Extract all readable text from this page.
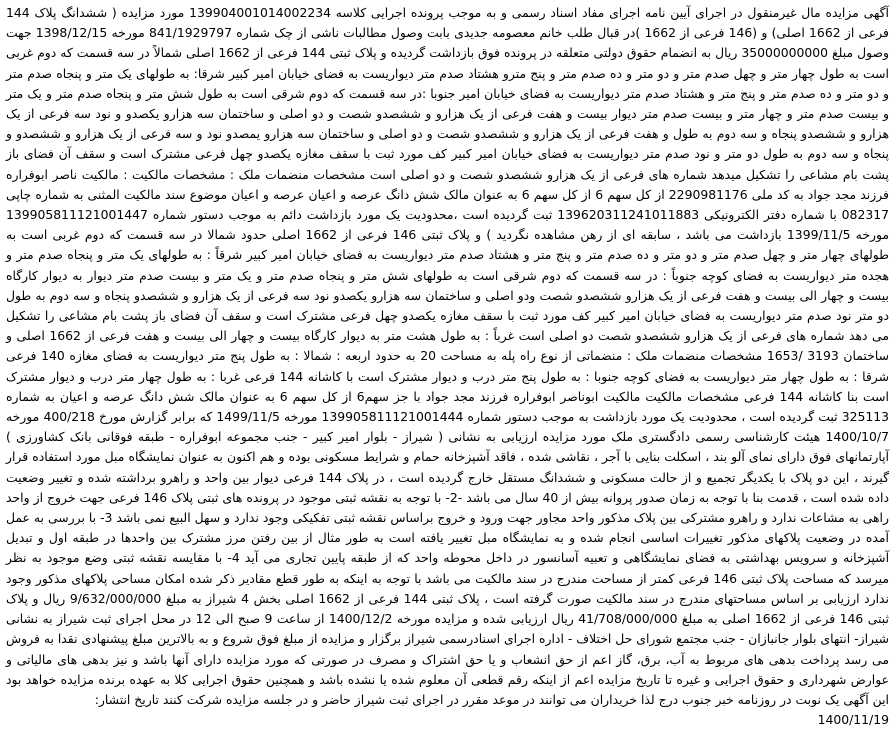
آگهی مزایده مال غیرمنقول در اجرای آیین نامه اجرای مفاد اسناد رسمی و به موجب پرونده اجرایی کلاسه 139904001014002234 مورد مزایده ( ششدانگ پلاک 144 فرعی از 1662 اصلی) و (146 فرعی از 1662 )در قبال طلب خانم معصومه جدیدی بابت وصول مطالبات ناشی از چک شماره 841/1929797 مورخه 1398/12/15 جهت وصول مبلغ 35000000000 ریال به انضمام حقوق دولتی متعلقه در پرونده فوق بازداشت گردیده و پلاک ثبتی 144 فرعی از 1662 اصلی شمالاً در سه قسمت که دوم غربی است به طول چهار متر و چهل صدم متر و دو متر و ده صدم متر و پنج مترو هشتاد صدم متر دیواریست به فضای خیابان امیر کبیر شرقا: به طولهای یک متر و پنجاه صدم متر و دو متر و ده صدم متر و پنج متر و هشتاد صدم متر دیواریست به فضای خیابان امیر جنوبا :در سه قسمت که دوم شرقی است به طول شش متر و پنجاه صدم متر و یک متر و بیست صدم متر و چهار متر و بیست صدم متر دیوار بیست و هفت فرعی از یک هزارو و ششصدو شصت و دو اصلی و ساختمان سه هزارو یکصدو و نود سه فرعی از یک هزارو و ششصدو پنجاه و سه دوم به طول و هفت فرعی از یک هزارو و ششصدو شصت و دو اصلی و ساختمان سه هزارو یمصدو نود و سه فرعی از یک هزارو و ششصدو و پنجاه و سه دوم به طول دو متر و نود صدم متر دیواریست به فضای خیابان امیر کبیر کف مورد ثبت با سقف مغازه یکصدو چهل فرعی مشترک است و سقف آن فضای باز پشت بام مشاعی را تشکیل میدهد شماره های فرعی از یک هزارو ششصدو شصت و دو اصلی است مشخصات منضمات ملک : مشخصات مالکیت : مالکیت ناصر ابوفراره فرزند مجد جواد به کد ملی 2290981176 از کل سهم 6 از کل سهم 6 به عنوان مالک شش دانگ عرصه و اعیان عرصه و اعیان موضوع سند مالکیت المثنی به شماره چاپی 082317 با شماره دفتر الکترونیکی 139620311241011883 ثبت گردیده است ،محدودیت یک مورد بازداشت دائم به موجب دستور شماره 139905811121001447 مورخه 1399/11/5 بازداشت می باشد ، سابقه ای از رهن مشاهده نگردید ) و پلاک ثبتی 146 فرعی از 1662 اصلی حدود شمالا در سه قسمت که دوم غربی است به طولهای چهار متر و چهل صدم متر و دو متر و ده صدم متر و پنج متر و هشتاد صدم متر دیواریست به فضای خیابان امیر کبیر شرقاً : به طولهای یک متر و پنجاه صدم متر و هجده متر دیواریست به فضای کوچه جنوباً : در سه قسمت که دوم شرقی است به طولهای شش متر و پنجاه صدم متر و یک متر و بیست صدم متر دیوار به دیوار کارگاه بیست و چهار الی بیست و هفت فرعی از یک هزارو ششصدو شصت ودو اصلی و ساختمان سه هزارو یکصدو نود سه فرعی از یک هزارو و ششصدو پنجاه و سه دوم به طول دو متر نود صدم متر دیواریست به فضای خیابان امیر کبیر کف مورد ثبت با سقف مغازه یکصدو چهل فرعی مشترک است و سقف آن فضای باز پشت بام مشاعی را تشکیل می دهد شماره های فرعی از یک هزارو ششصدو شصت دو اصلی است غرباً : به طول هشت متر به دیوار کارگاه بیست و چهار الی بیست و هفت فرعی از 1662 اصلی و ساختمان 3193 /1653 مشخصات منضمات ملک : منضماتی از نوع راه پله به مساحت 20 به حدود اربعه : شمالا : به طول پنج متر دیواریست به فضای مغازه 140 فرعی شرقا : به طول چهار متر دیواریست به فضای کوچه جنوبا : به طول پنج متر درب و دیوار مشترک است با کاشانه 144 فرعی غربا : به طول چهار متر درب و دیوار مشترک است بنا کاشانه 144 فرعی مشخصات مالکیت مالکیت ابوناصر ابوفراره فرزند مجد جواد با جز سهم6 از کل سهم 6 به عنوان مالک شش دانگ عرصه و اعیان به شماره 325113 ثبت گردیده است ، محدودیت یک مورد بازداشت به موجب دستور شماره 139905811121001444 مورخه 1499/11/5 که برابر گزارش مورخ 400/218 مورخه 1400/10/7 هیئت کارشناسی رسمی دادگستری ملک مورد مزایده ارزیابی به نشانی ( شیراز - بلوار امیر کبیر - جنب مجموعه ابوفراره - طبقه فوقانی بانک کشاورزی ) آپارتمانهای فوق دارای نمای آلو بند ، اسکلت بنایی با آجر ، نقاشی شده ، فاقد آشپزخانه حمام و شرایط مسکونی بوده و هم اکنون به عنوان نمایشگاه مبل مورد استفاده قرار گیرند ، این دو پلاک با یکدیگر تجمیع و از حالت مسکونی و ششدانگ مستقل خارج گردیده است ، در پلاک 144 فرعی دیوار بین واحد و راهرو برداشته شده و تغییر وضعیت داده شده است ، قدمت بنا با توجه به زمان صدور پروانه بیش از 40 سال می باشد -2- با توجه به نقشه ثبتی موجود در پرونده های ثبتی پلاک 146 فرعی جهت خروج از واحد راهی به مشاعات ندارد و راهرو مشترکی بین پلاک مذکور واحد مجاور جهت ورود و خروج براساس نقشه ثبتی تفکیکی وجود ندارد و سهل البیع نمی باشد 3- با بررسی به عمل آمده در وضعیت پلاکهای مذکور تغییرات اساسی انجام شده و به نمایشگاه مبل تغییر یافته است به طور مثال از بین رفتن مرز مشترک بین واحدها در طبقه اول و تبدیل آشپزخانه و سرویس بهداشتی به فضای نمایشگاهی و تعبیه آسانسور در داخل محوطه واحد که از طبقه پایین تجاری می آید 4- با مقایسه نقشه ثبتی وضع موجود به نظر میرسد که مساحت پلاک ثبتی 146 فرعی کمتر از مساحت مندرج در سند مالکیت می باشد با توجه به اینکه به طور قطع مقادیر ذکر شده امکان مساحی پلاکهای مذکور وجود ندارد ارزیابی بر اساس مساحتهای مندرج در سند مالکیت صورت گرفته است ، پلاک ثبتی 144 فرعی از 1662 اصلی بخش 4 شیراز به مبلغ 9/632/000/000 ریال و پلاک ثبتی 146 فرعی از 1662 اصلی به مبلغ 41/708/000/000 ریال ارزیابی شده و مزایده مورخه 1400/12/2 از ساعت 9 صبح الی 12 در محل اجرای ثبت شیراز به نشانی شیراز- انتهای بلوار جانبازان - جنب مجتمع شورای حل اختلاف - اداره اجرای اسنادرسمی شیراز برگزار و مزایده از مبلغ فوق شروع و به بالاترین مبلغ پیشنهادی نقدا به فروش می رسد پرداخت بدهی های مربوط به آب، برق، گاز اعم از حق انشعاب و یا حق اشتراک و مصرف در صورتی که مورد مزایده دارای آنها باشد و نیز بدهی های مالیاتی و عوارض شهرداری و حقوق اجرایی و غیره تا تاریخ مزایده اعم از اینکه رقم قطعی آن معلوم شده یا نشده باشد و همچنین حقوق اجرایی کلا به عهده برنده مزایده خواهد بود این آگهی یک نوبت در روزنامه خبر جنوب درج لذا خریداران می توانند در موعد مقرر در اجرای ثبت شیراز حاضر و در جلسه مزایده شرکت کنند تاریخ انتشار:
1400/11/19
